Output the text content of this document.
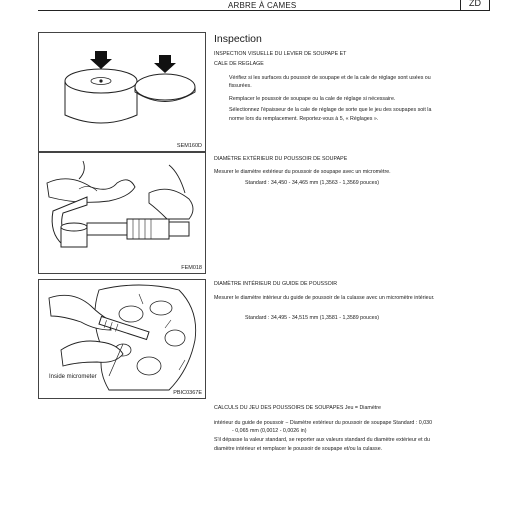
ARBRE À CAMES	ZD
SEM160D
FEM018
Inside micrometer
PBIC0367E
Inspection
INSPECTION VISUELLE DU LEVIER DE SOUPAPE ET
CALE DE REGLAGE
Vérifiez si les surfaces du poussoir de soupape et de la cale de réglage sont usées ou
fissurées.
Remplacer le poussoir de soupape ou la cale de réglage si nécessaire.
Sélectionnez l'épaisseur de la cale de réglage de sorte que le jeu des soupapes soit la
norme lors du remplacement. Reportez-vous à 5, « Réglages ».
DIAMÈTRE EXTÉRIEUR DU POUSSOIR DE SOUPAPE
Mesurer le diamètre extérieur du poussoir de soupape avec un micromètre.
Standard : 34,450 - 34,465 mm (1,3563 - 1,3569 pouces)
DIAMÈTRE INTÉRIEUR DU GUIDE DE POUSSOIR
Mesurer le diamètre intérieur du guide de poussoir de la culasse avec un micromètre intérieur.
Standard : 34,495 - 34,515 mm (1,3581 - 1,3589 pouces)
CALCULS DU JEU DES POUSSOIRS DE SOUPAPES Jeu = Diamètre
intérieur du guide de poussoir − Diamètre extérieur du poussoir de soupape Standard : 0,030
- 0,065 mm (0,0012 - 0,0026 in)
S'il dépasse la valeur standard, se reporter aux valeurs standard du diamètre extérieur et du
diamètre intérieur et remplacer le poussoir de soupape et/ou la culasse.
